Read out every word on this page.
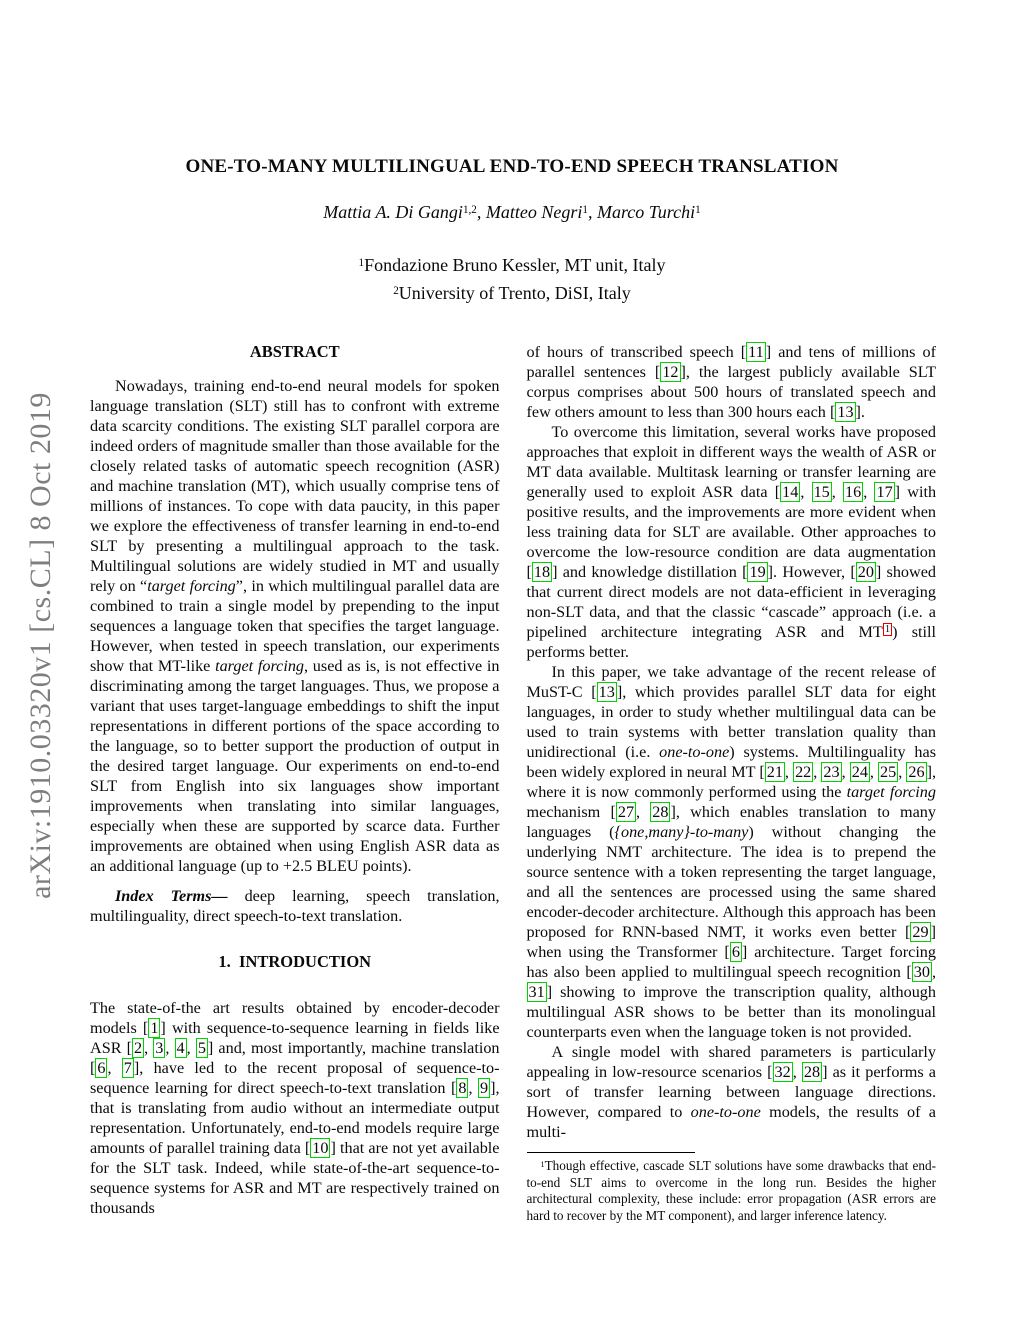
arXiv:1910.03320v1 [cs.CL] 8 Oct 2019
ONE-TO-MANY MULTILINGUAL END-TO-END SPEECH TRANSLATION
Mattia A. Di Gangi$^{1,2}$, Matteo Negri$^1$, Marco Turchi$^1$
$^1$Fondazione Bruno Kessler, MT unit, Italy
$^2$University of Trento, DiSI, Italy
ABSTRACT

Nowadays, training end-to-end neural models for spoken language translation (SLT) still has to confront with extreme data scarcity conditions. The existing SLT parallel corpora are indeed orders of magnitude smaller than those available for the closely related tasks of automatic speech recognition (ASR) and machine translation (MT), which usually comprise tens of millions of instances. To cope with data paucity, in this paper we explore the effectiveness of transfer learning in end-to-end SLT by presenting a multilingual approach to the task. Multilingual solutions are widely studied in MT and usually rely on “target forcing”, in which multilingual parallel data are combined to train a single model by prepending to the input sequences a language token that specifies the target language. However, when tested in speech translation, our experiments show that MT-like target forcing, used as is, is not effective in discriminating among the target languages. Thus, we propose a variant that uses target-language embeddings to shift the input representations in different portions of the space according to the language, so to better support the production of output in the desired target language. Our experiments on end-to-end SLT from English into six languages show important improvements when translating into similar languages, especially when these are supported by scarce data. Further improvements are obtained when using English ASR data as an additional language (up to +2.5 BLEU points).

Index Terms— deep learning, speech translation, multilinguality, direct speech-to-text translation.

1. INTRODUCTION

The state-of-the art results obtained by encoder-decoder models [ 1 ] with sequence-to-sequence learning in fields like ASR [ 2 , 3 , 4 , 5 ] and, most importantly, machine translation [ 6 , 7 ], have led to the recent proposal of sequence-to-sequence learning for direct speech-to-text translation [ 8 , 9 ], that is translating from audio without an intermediate output representation. Unfortunately, end-to-end models require large amounts of parallel training data [ 10 ] that are not yet available for the SLT task. Indeed, while state-of-the-art sequence-to-sequence systems for ASR and MT are respectively trained on thousands

of hours of transcribed speech [ 11 ] and tens of millions of parallel sentences [ 12 ], the largest publicly available SLT corpus comprises about 500 hours of translated speech and few others amount to less than 300 hours each [ 13 ].

To overcome this limitation, several works have proposed approaches that exploit in different ways the wealth of ASR or MT data available. Multitask learning or transfer learning are generally used to exploit ASR data [ 14 , 15 , 16 , 17 ] with positive results, and the improvements are more evident when less training data for SLT are available. Other approaches to overcome the low-resource condition are data augmentation [ 18 ] and knowledge distillation [ 19 ]. However, [ 20 ] showed that current direct models are not data-efficient in leveraging non-SLT data, and that the classic “cascade” approach (i.e. a pipelined architecture integrating ASR and MT $^1$ ) still performs better.

In this paper, we take advantage of the recent release of MuST-C [ 13 ], which provides parallel SLT data for eight languages, in order to study whether multilingual data can be used to train systems with better translation quality than unidirectional (i.e. one-to-one) systems. Multilinguality has been widely explored in neural MT [ 21 , 22 , 23 , 24 , 25 , 26 ], where it is now commonly performed using the target forcing mechanism [ 27 , 28 ], which enables translation to many languages ({one,many}-to-many) without changing the underlying NMT architecture. The idea is to prepend the source sentence with a token representing the target language, and all the sentences are processed using the same shared encoder-decoder architecture. Although this approach has been proposed for RNN-based NMT, it works even better [ 29 ] when using the Transformer [ 6 ] architecture. Target forcing has also been applied to multilingual speech recognition [ 30 , 31 ] showing to improve the transcription quality, although multilingual ASR shows to be better than its monolingual counterparts even when the language token is not provided.

A single model with shared parameters is particularly appealing in low-resource scenarios [ 32 , 28 ] as it performs a sort of transfer learning between language directions. However, compared to one-to-one models, the results of a multi-

$^1$Though effective, cascade SLT solutions have some drawbacks that end-to-end SLT aims to overcome in the long run. Besides the higher architectural complexity, these include: error propagation (ASR errors are hard to recover by the MT component), and larger inference latency.
